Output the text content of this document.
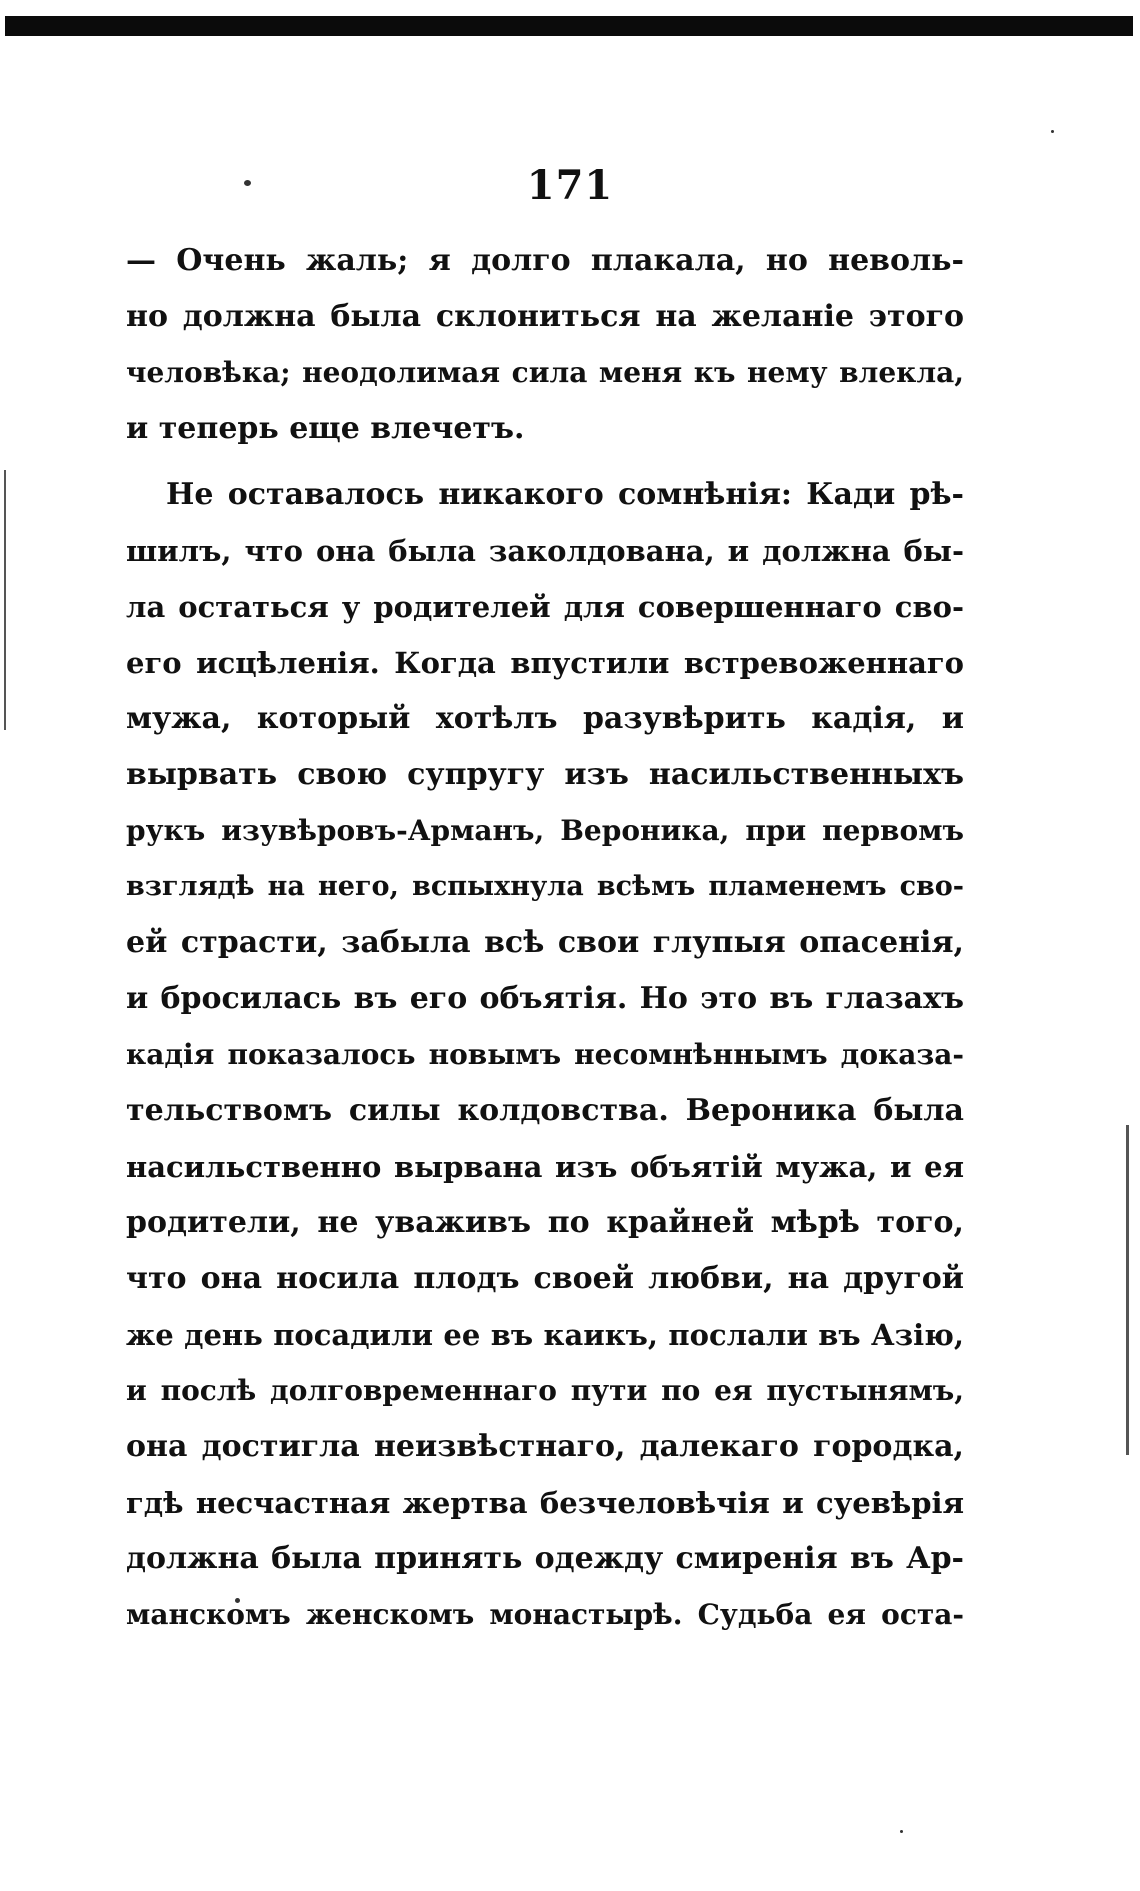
171
— Очень жаль; я долго плакала, но неволь-
но должна была склониться на желаніе этого
человѣка; неодолимая сила меня къ нему влекла,
и теперь еще влечетъ.
Не оставалось никакого сомнѣнія: Кади рѣ-
шилъ, что она была заколдована, и должна бы-
ла остаться у родителей для совершеннаго сво-
его исцѣленія. Когда впустили встревоженнаго
мужа, который хотѣлъ разувѣрить кадія, и
вырвать свою супругу изъ насильственныхъ
рукъ изувѣровъ-Арманъ, Вероника, при первомъ
взглядѣ на него, вспыхнула всѣмъ пламенемъ сво-
ей страсти, забыла всѣ свои глупыя опасенія,
и бросилась въ его объятія. Но это въ глазахъ
кадія показалось новымъ несомнѣннымъ доказа-
тельствомъ силы колдовства. Вероника была
насильственно вырвана изъ объятій мужа, и ея
родители, не уваживъ по крайней мѣрѣ того,
что она носила плодъ своей любви, на другой
же день посадили ее въ каикъ, послали въ Азію,
и послѣ долговременнаго пути по ея пустынямъ,
она достигла неизвѣстнаго, далекаго городка,
гдѣ несчастная жертва безчеловѣчія и суевѣрія
должна была принять одежду смиренія въ Ар-
манскомъ женскомъ монастырѣ. Судьба ея оста-
